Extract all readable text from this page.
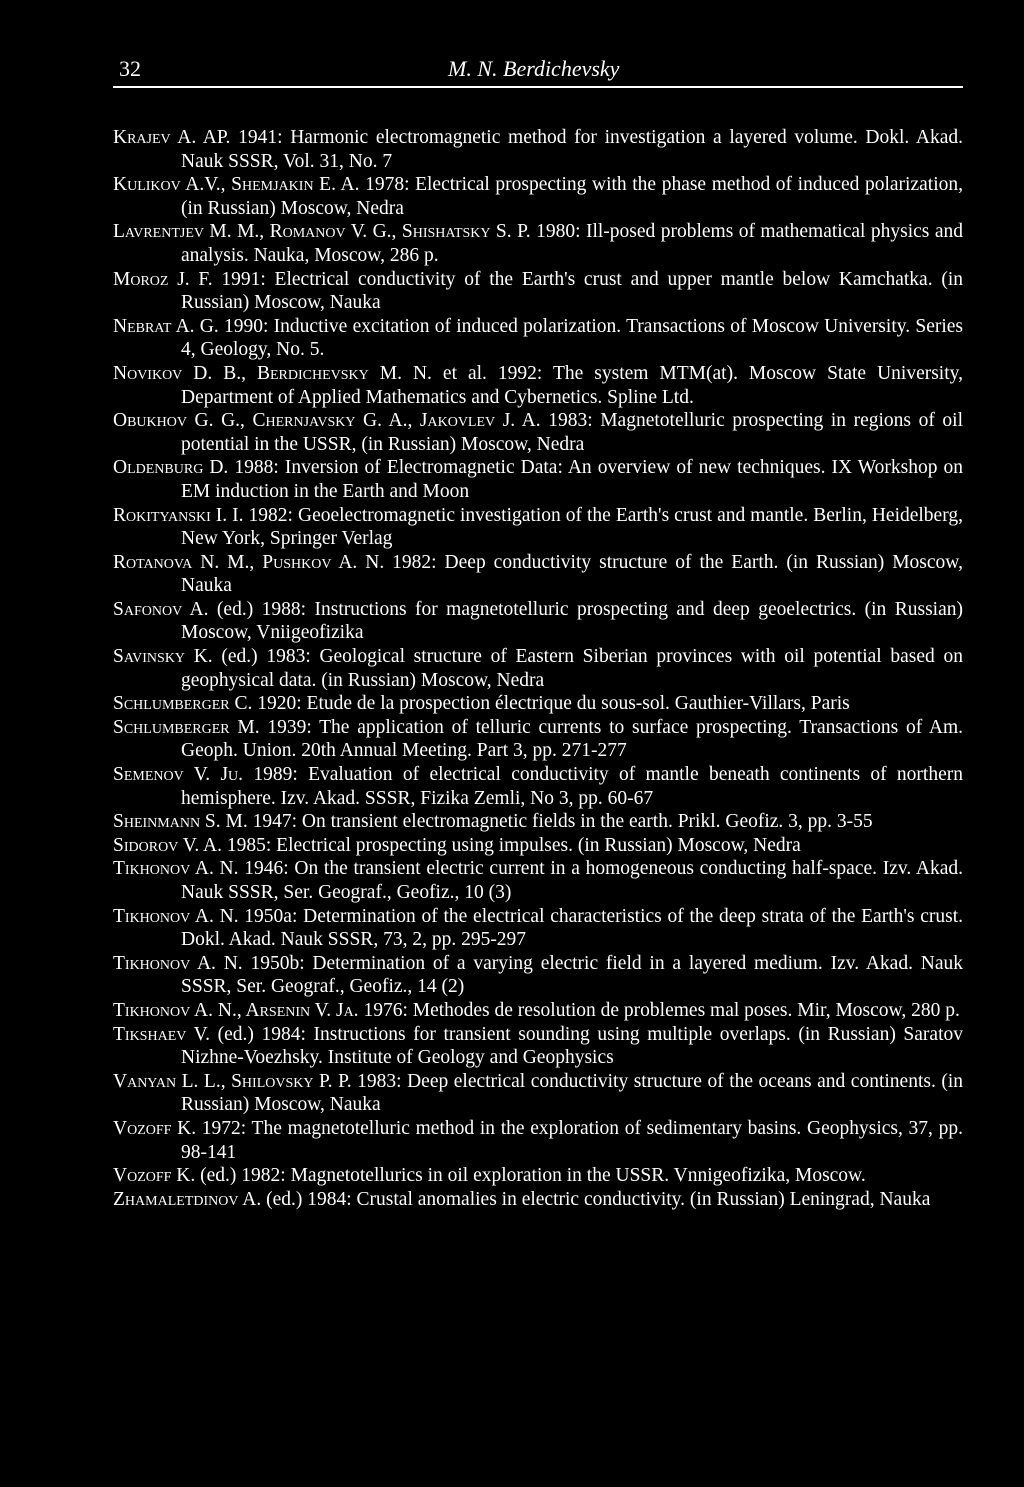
32	M. N. Berdichevsky

Krajev A. AP. 1941: Harmonic electromagnetic method for investigation a layered volume. Dokl. Akad. Nauk SSSR, Vol. 31, No. 7

Kulikov A.V., Shemjakin E. A. 1978: Electrical prospecting with the phase method of induced polarization, (in Russian) Moscow, Nedra

Lavrentjev M. M., Romanov V. G., Shishatsky S. P. 1980: Ill-posed problems of mathematical physics and analysis. Nauka, Moscow, 286 p.

Moroz J. F. 1991: Electrical conductivity of the Earth's crust and upper mantle below Kamchatka. (in Russian) Moscow, Nauka

Nebrat A. G. 1990: Inductive excitation of induced polarization. Transactions of Moscow University. Series 4, Geology, No. 5.

Novikov D. B., Berdichevsky M. N. et al. 1992: The system MTM(at). Moscow State University, Department of Applied Mathematics and Cybernetics. Spline Ltd.

Obukhov G. G., Chernjavsky G. A., Jakovlev J. A. 1983: Magnetotelluric prospecting in regions of oil potential in the USSR, (in Russian) Moscow, Nedra

Oldenburg D. 1988: Inversion of Electromagnetic Data: An overview of new techniques. IX Workshop on EM induction in the Earth and Moon

Rokityanski I. I. 1982: Geoelectromagnetic investigation of the Earth's crust and mantle. Berlin, Heidelberg, New York, Springer Verlag

Rotanova N. M., Pushkov A. N. 1982: Deep conductivity structure of the Earth. (in Russian) Moscow, Nauka

Safonov A. (ed.) 1988: Instructions for magnetotelluric prospecting and deep geoelectrics. (in Russian) Moscow, Vniigeofizika

Savinsky K. (ed.) 1983: Geological structure of Eastern Siberian provinces with oil potential based on geophysical data. (in Russian) Moscow, Nedra

Schlumberger C. 1920: Etude de la prospection électrique du sous-sol. Gauthier-Villars, Paris

Schlumberger M. 1939: The application of telluric currents to surface prospecting. Transactions of Am. Geoph. Union. 20th Annual Meeting. Part 3, pp. 271-277

Semenov V. Ju. 1989: Evaluation of electrical conductivity of mantle beneath continents of northern hemisphere. Izv. Akad. SSSR, Fizika Zemli, No 3, pp. 60-67

Sheinmann S. M. 1947: On transient electromagnetic fields in the earth. Prikl. Geofiz. 3, pp. 3-55

Sidorov V. A. 1985: Electrical prospecting using impulses. (in Russian) Moscow, Nedra

Tikhonov A. N. 1946: On the transient electric current in a homogeneous conducting half-space. Izv. Akad. Nauk SSSR, Ser. Geograf., Geofiz., 10 (3)

Tikhonov A. N. 1950a: Determination of the electrical characteristics of the deep strata of the Earth's crust. Dokl. Akad. Nauk SSSR, 73, 2, pp. 295-297

Tikhonov A. N. 1950b: Determination of a varying electric field in a layered medium. Izv. Akad. Nauk SSSR, Ser. Geograf., Geofiz., 14 (2)

Tikhonov A. N., Arsenin V. Ja. 1976: Methodes de resolution de problemes mal poses. Mir, Moscow, 280 p.

Tikshaev V. (ed.) 1984: Instructions for transient sounding using multiple overlaps. (in Russian) Saratov Nizhne-Voezhsky. Institute of Geology and Geophysics

Vanyan L. L., Shilovsky P. P. 1983: Deep electrical conductivity structure of the oceans and continents. (in Russian) Moscow, Nauka

Vozoff K. 1972: The magnetotelluric method in the exploration of sedimentary basins. Geophysics, 37, pp. 98-141

Vozoff K. (ed.) 1982: Magnetotellurics in oil exploration in the USSR. Vnnigeofizika, Moscow.

Zhamaletdinov A. (ed.) 1984: Crustal anomalies in electric conductivity. (in Russian) Leningrad, Nauka
